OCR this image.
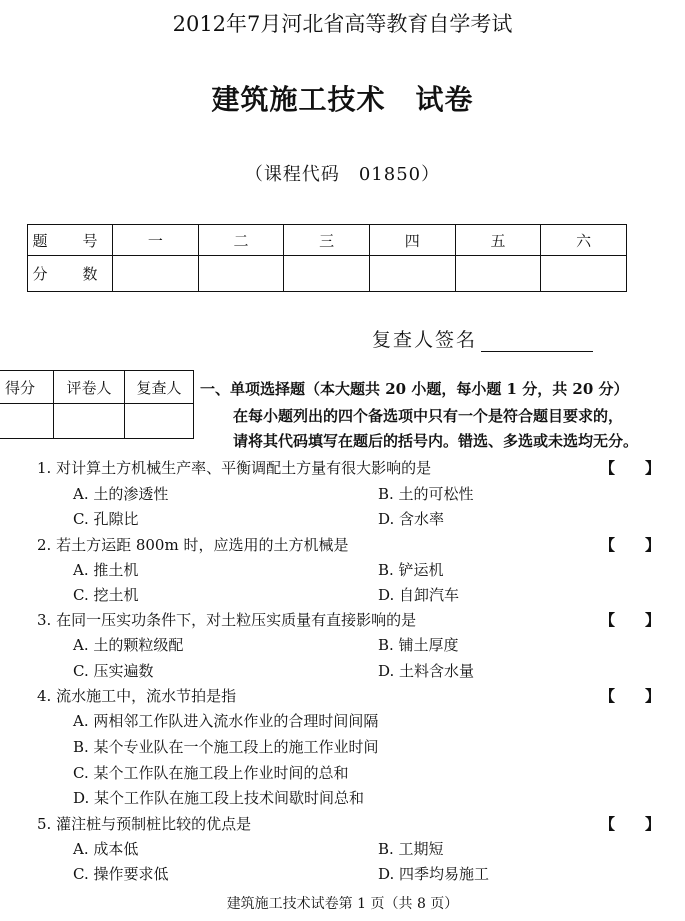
2012年7月河北省高等教育自学考试
建筑施工技术 试卷
（课程代码　01850）
题　号	一	二	三	四	五	六
分　数						
复查人签名
得分	评卷人	复查人
		一、单项选择题（本大题共 20 小题，每小题 1 分，共 20 分）
在每小题列出的四个备选项中只有一个是符合题目要求的，
请将其代码填写在题后的括号内。错选、多选或未选均无分。
1. 对计算土方机械生产率、平衡调配土方量有很大影响的是	【 】
A. 土的渗透性	B. 土的可松性
C. 孔隙比	D. 含水率
2. 若土方运距 800m 时，应选用的土方机械是	【 】
A. 推土机	B. 铲运机
C. 挖土机	D. 自卸汽车
3. 在同一压实功条件下，对土粒压实质量有直接影响的是	【 】
A. 土的颗粒级配	B. 铺土厚度
C. 压实遍数	D. 土料含水量
4. 流水施工中，流水节拍是指	【 】
A. 两相邻工作队进入流水作业的合理时间间隔
B. 某个专业队在一个施工段上的施工作业时间
C. 某个工作队在施工段上作业时间的总和
D. 某个工作队在施工段上技术间歇时间总和
5. 灌注桩与预制桩比较的优点是	【 】
A. 成本低	B. 工期短
C. 操作要求低	D. 四季均易施工
建筑施工技术试卷第 1 页（共 8 页）
